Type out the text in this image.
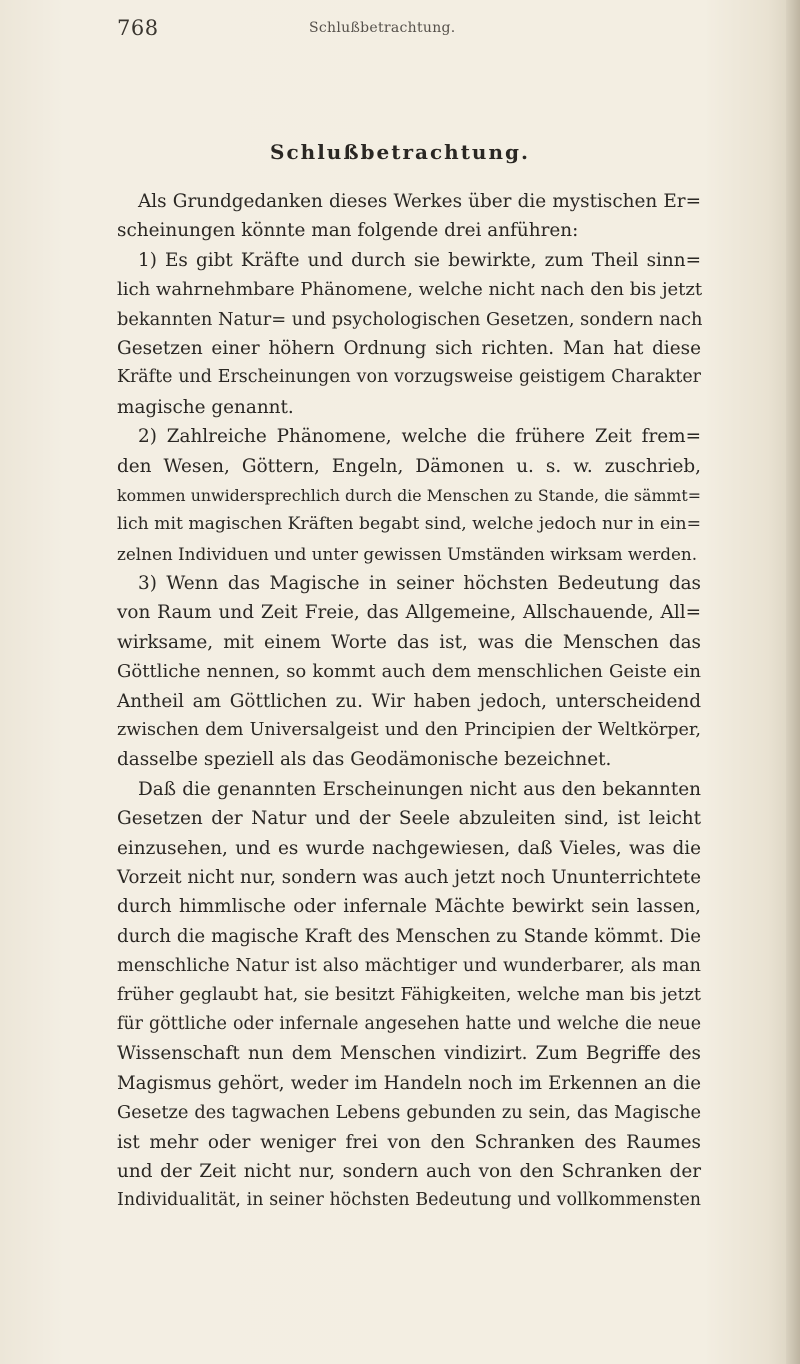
768	Schlußbetrachtung.
Schlußbetrachtung.
Als Grundgedanken dieses Werkes über die mystischen Er=
scheinungen könnte man folgende drei anführen:
1) Es gibt Kräfte und durch sie bewirkte, zum Theil sinn=
lich wahrnehmbare Phänomene, welche nicht nach den bis jetzt
bekannten Natur= und psychologischen Gesetzen, sondern nach
Gesetzen einer höhern Ordnung sich richten. Man hat diese
Kräfte und Erscheinungen von vorzugsweise geistigem Charakter
magische genannt.
2) Zahlreiche Phänomene, welche die frühere Zeit frem=
den Wesen, Göttern, Engeln, Dämonen u. s. w. zuschrieb,
kommen unwidersprechlich durch die Menschen zu Stande, die sämmt=
lich mit magischen Kräften begabt sind, welche jedoch nur in ein=
zelnen Individuen und unter gewissen Umständen wirksam werden.
3) Wenn das Magische in seiner höchsten Bedeutung das
von Raum und Zeit Freie, das Allgemeine, Allschauende, All=
wirksame, mit einem Worte das ist, was die Menschen das
Göttliche nennen, so kommt auch dem menschlichen Geiste ein
Antheil am Göttlichen zu. Wir haben jedoch, unterscheidend
zwischen dem Universalgeist und den Principien der Weltkörper,
dasselbe speziell als das Geodämonische bezeichnet.
Daß die genannten Erscheinungen nicht aus den bekannten
Gesetzen der Natur und der Seele abzuleiten sind, ist leicht
einzusehen, und es wurde nachgewiesen, daß Vieles, was die
Vorzeit nicht nur, sondern was auch jetzt noch Ununterrichtete
durch himmlische oder infernale Mächte bewirkt sein lassen,
durch die magische Kraft des Menschen zu Stande kömmt. Die
menschliche Natur ist also mächtiger und wunderbarer, als man
früher geglaubt hat, sie besitzt Fähigkeiten, welche man bis jetzt
für göttliche oder infernale angesehen hatte und welche die neue
Wissenschaft nun dem Menschen vindizirt. Zum Begriffe des
Magismus gehört, weder im Handeln noch im Erkennen an die
Gesetze des tagwachen Lebens gebunden zu sein, das Magische
ist mehr oder weniger frei von den Schranken des Raumes
und der Zeit nicht nur, sondern auch von den Schranken der
Individualität, in seiner höchsten Bedeutung und vollkommensten
